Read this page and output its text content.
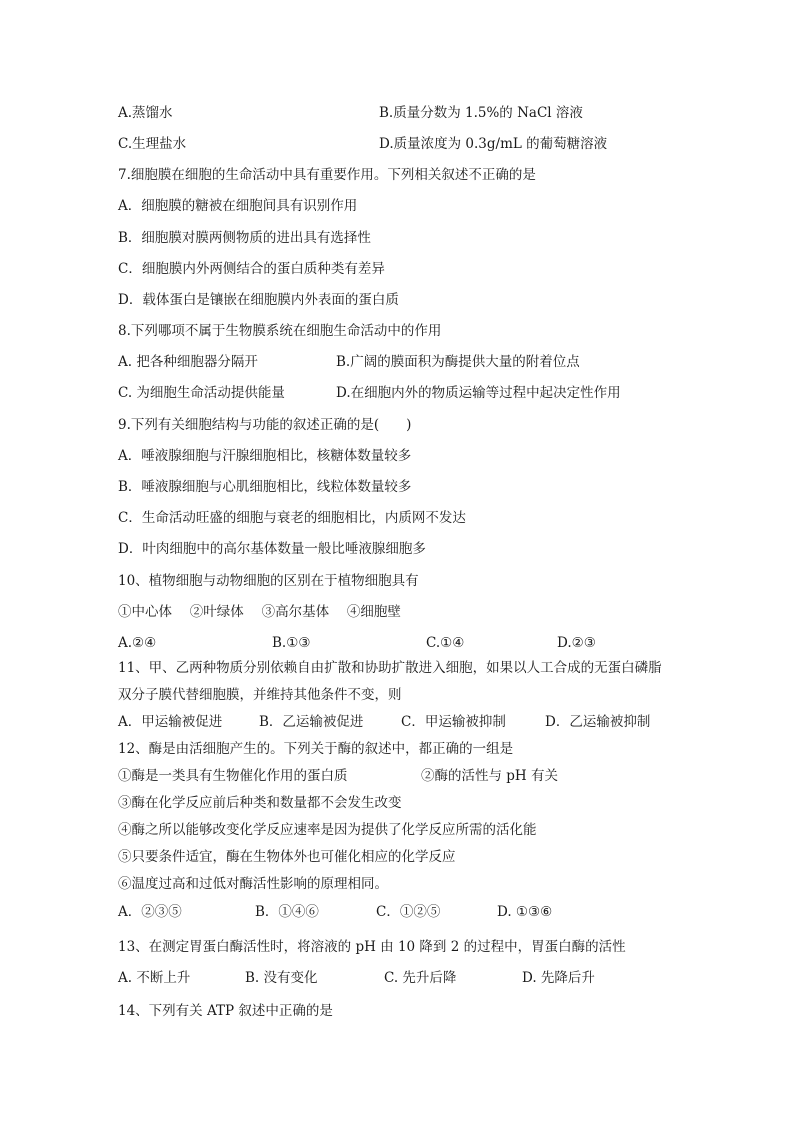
A.蒸馏水	B.质量分数为 1.5%的 NaCl 溶液
C.生理盐水	D.质量浓度为 0.3g/mL 的葡萄糖溶液
7.细胞膜在细胞的生命活动中具有重要作用。下列相关叙述不正确的是
A．细胞膜的糖被在细胞间具有识别作用
B．细胞膜对膜两侧物质的进出具有选择性
C．细胞膜内外两侧结合的蛋白质种类有差异
D．载体蛋白是镶嵌在细胞膜内外表面的蛋白质
8.下列哪项不属于生物膜系统在细胞生命活动中的作用
A. 把各种细胞器分隔开	B.广阔的膜面积为酶提供大量的附着位点
C. 为细胞生命活动提供能量	D.在细胞内外的物质运输等过程中起决定性作用
9.下列有关细胞结构与功能的叙述正确的是(　　)
A．唾液腺细胞与汗腺细胞相比，核糖体数量较多
B．唾液腺细胞与心肌细胞相比，线粒体数量较多
C．生命活动旺盛的细胞与衰老的细胞相比，内质网不发达
D．叶肉细胞中的高尔基体数量一般比唾液腺细胞多
10、植物细胞与动物细胞的区别在于植物细胞具有
①中心体　 ②叶绿体　 ③高尔基体　 ④细胞壁
A.②④	B.①③	C.①④	D.②③
11、甲、乙两种物质分别依赖自由扩散和协助扩散进入细胞，如果以人工合成的无蛋白磷脂
双分子膜代替细胞膜，并维持其他条件不变，则
A．甲运输被促进	B．乙运输被促进	C．甲运输被抑制	D．乙运输被抑制
12、酶是由活细胞产生的。下列关于酶的叙述中，都正确的一组是
①酶是一类具有生物催化作用的蛋白质	②酶的活性与 pH 有关
③酶在化学反应前后种类和数量都不会发生改变
④酶之所以能够改变化学反应速率是因为提供了化学反应所需的活化能
⑤只要条件适宜，酶在生物体外也可催化相应的化学反应
⑥温度过高和过低对酶活性影响的原理相同。
A．②③⑤	B．①④⑥	C．①②⑤	D. ①③⑥
13、在测定胃蛋白酶活性时，将溶液的 pH 由 10 降到 2 的过程中，胃蛋白酶的活性
A. 不断上升	B. 没有变化	C. 先升后降	D. 先降后升
14、下列有关 ATP 叙述中正确的是
